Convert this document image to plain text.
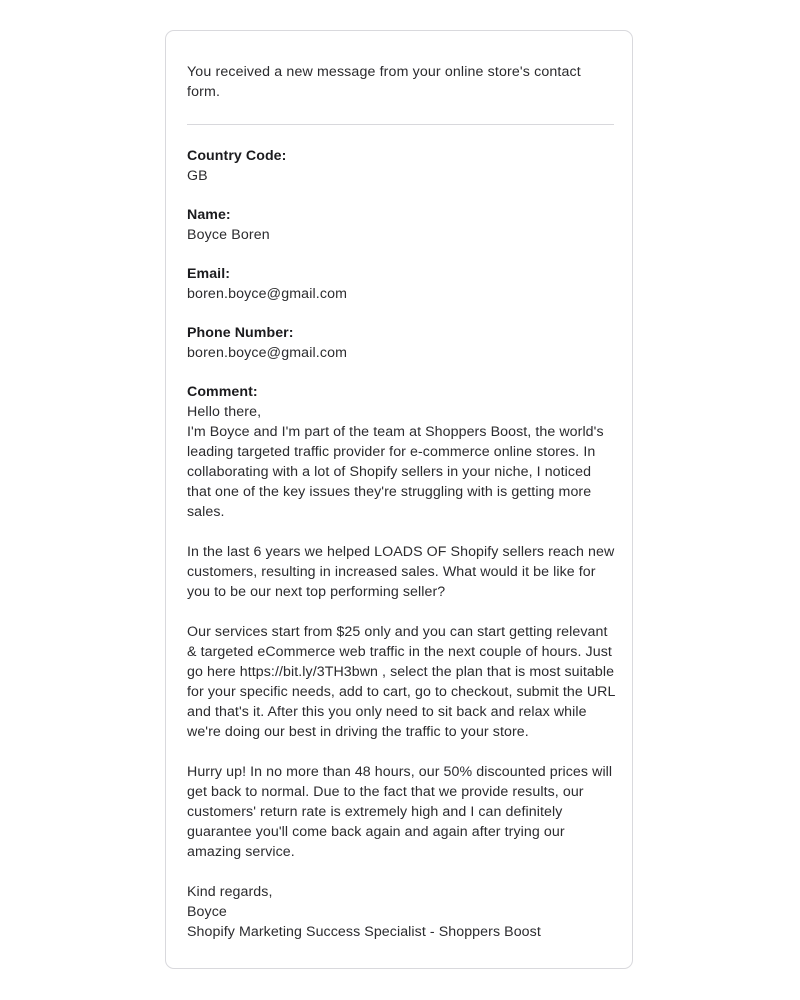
You received a new message from your online store's contact form.
Country Code:
GB
Name:
Boyce Boren
Email:
boren.boyce@gmail.com
Phone Number:
boren.boyce@gmail.com
Comment:
Hello there,

I'm Boyce and I'm part of the team at Shoppers Boost, the world's leading targeted traffic provider for e-commerce online stores. In collaborating with a lot of Shopify sellers in your niche, I noticed that one of the key issues they're struggling with is getting more sales.

In the last 6 years we helped LOADS OF Shopify sellers reach new customers, resulting in increased sales. What would it be like for you to be our next top performing seller?

Our services start from $25 only and you can start getting relevant & targeted eCommerce web traffic in the next couple of hours. Just go here https://bit.ly/3TH3bwn , select the plan that is most suitable for your specific needs, add to cart, go to checkout, submit the URL and that's it. After this you only need to sit back and relax while we're doing our best in driving the traffic to your store.

Hurry up! In no more than 48 hours, our 50% discounted prices will get back to normal. Due to the fact that we provide results, our customers' return rate is extremely high and I can definitely guarantee you'll come back again and again after trying our amazing service.

Kind regards,
Boyce
Shopify Marketing Success Specialist - Shoppers Boost
